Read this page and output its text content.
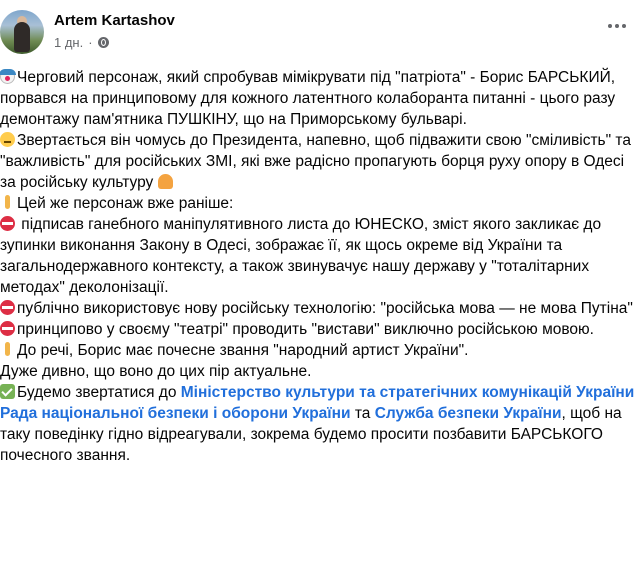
Artem Kartashov
1 дн. ·

Черговий персонаж, який спробував мімікрувати під "патріота" - Борис БАРСЬКИЙ, порвався на принциповому для кожного латентного колаборанта питанні - цього разу демонтажу пам'ятника ПУШКІНУ, що на Приморському бульварі.

Звертається він чомусь до Президента, напевно, щоб підважити свою "сміливість" та "важливість" для російських ЗМІ, які вже радісно пропагують борця руху опору в Одесі за російську культуру

Цей же персонаж вже раніше:

підписав ганебного маніпулятивного листа до ЮНЕСКО, зміст якого закликає до зупинки виконання Закону в Одесі, зображає її, як щось окреме від України та загальнодержавного контексту, а також звинувачує нашу державу у "тоталітарних методах" деколонізації.

публічно використовує нову російську технологію: "російська мова — не мова Путіна"

принципово у своєму "театрі" проводить "вистави" виключно російською мовою.

До речі, Борис має почесне звання "народний артист України".

Дуже дивно, що воно до цих пір актуальне.

Будемо звертатися до Міністерство культури та стратегічних комунікацій України Рада національної безпеки і оборони України та Служба безпеки України, щоб на таку поведінку гідно відреагували, зокрема будемо просити позбавити БАРСЬКОГО почесного звання.
